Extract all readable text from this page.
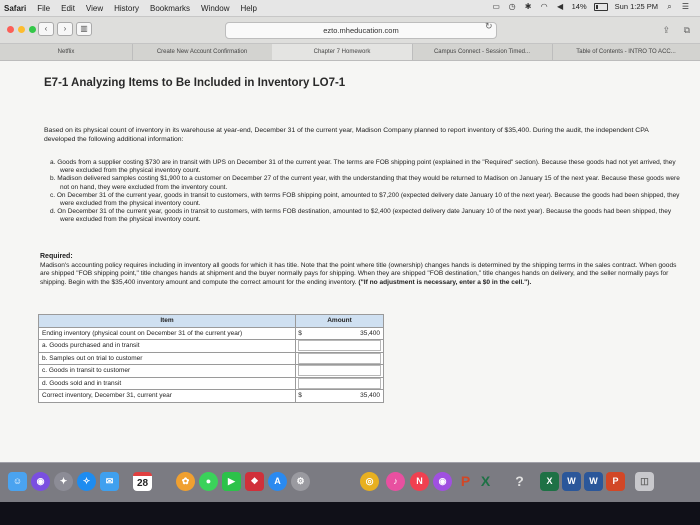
Safari File Edit View History Bookmarks Window Help	▭ ◷ ✱ ◠ ◀ 14%	Sun 1:25 PM ⌕ ☰
‹	›	▥	ezto.mheducation.com	↻	⇪ ⧉
Netflix	Create New Account Confirmation	Chapter 7 Homework	Campus Connect - Session Timed...	Table of Contents - INTRO TO ACC...
E7-1 Analyzing Items to Be Included in Inventory LO7-1

Based on its physical count of inventory in its warehouse at year-end, December 31 of the current year, Madison Company planned to report inventory of $35,400. During the audit, the independent CPA developed the following additional information:

a. Goods from a supplier costing $730 are in transit with UPS on December 31 of the current year. The terms are FOB shipping point (explained in the "Required" section). Because these goods had not yet arrived, they were excluded from the physical inventory count.
b. Madison delivered samples costing $1,900 to a customer on December 27 of the current year, with the understanding that they would be returned to Madison on January 15 of the next year. Because these goods were not on hand, they were excluded from the inventory count.
c. On December 31 of the current year, goods in transit to customers, with terms FOB shipping point, amounted to $7,200 (expected delivery date January 10 of the next year). Because the goods had been shipped, they were excluded from the physical inventory count.
d. On December 31 of the current year, goods in transit to customers, with terms FOB destination, amounted to $2,400 (expected delivery date January 10 of the next year). Because the goods had been shipped, they were excluded from the physical inventory count.

Required:

Madison's accounting policy requires including in inventory all goods for which it has title. Note that the point where title (ownership) changes hands is determined by the shipping terms in the sales contract. When goods are shipped "FOB shipping point," title changes hands at shipment and the buyer normally pays for shipping. When they are shipped "FOB destination," title changes hands on delivery, and the seller normally pays for shipping. Begin with the $35,400 inventory amount and compute the correct amount for the ending inventory. ("If no adjustment is necessary, enter a $0 in the cell.").

Item	Amount
Ending inventory (physical count on December 31 of the current year)	$ 35,400

a. Goods purchased and in transit	

b. Samples out on trial to customer	

c. Goods in transit to customer	

d. Goods sold and in transit	

Correct inventory, December 31, current year	$ 35,400
☺	◉	✦	✧	✉	28	✿	●	▶	❖	A	⚙	◎	♪	N	◉	P X	?	X	W	W	P	◫
